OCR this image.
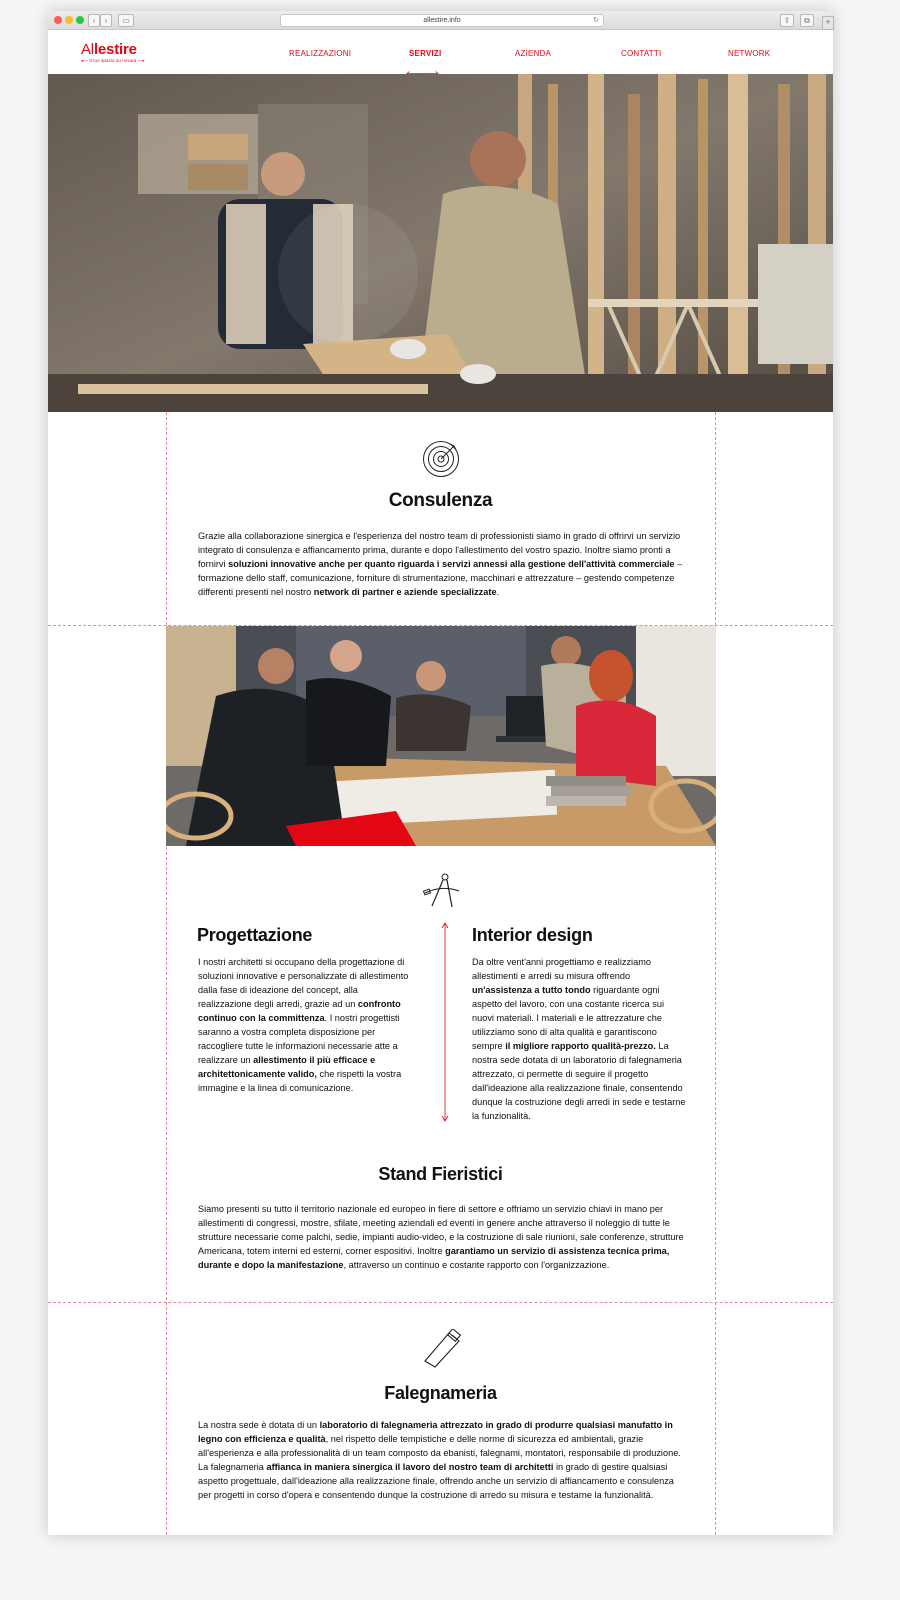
‹	›	▭	allestire.info	↻	⇪	⧉
Allestire
◂— Il tuo spazio su misura —▸
REALIZZAZIONI	SERVIZI	AZIENDA	CONTATTI	NETWORK
Consulenza

Grazie alla collaborazione sinergica e l'esperienza del nostro team di professionisti siamo in grado di offrirvi un servizio integrato di consulenza e affiancamento prima, durante e dopo l'allestimento del vostro spazio. Inoltre siamo pronti a fornirvi soluzioni innovative anche per quanto riguarda i servizi annessi alla gestione dell'attività commerciale – formazione dello staff, comunicazione, forniture di strumentazione, macchinari e attrezzature – gestendo competenze differenti presenti nel nostro network di partner e aziende specializzate.

Progettazione

I nostri architetti si occupano della progettazione di soluzioni innovative e personalizzate di allestimento dalla fase di ideazione del concept, alla realizzazione degli arredi, grazie ad un confronto continuo con la committenza. I nostri progettisti saranno a vostra completa disposizione per raccogliere tutte le informazioni necessarie atte a realizzare un allestimento il più efficace e architettonicamente valido, che rispetti la vostra immagine e la linea di comunicazione.

Interior design

Da oltre vent'anni progettiamo e realizziamo allestimenti e arredi su misura offrendo un'assistenza a tutto tondo riguardante ogni aspetto del lavoro, con una costante ricerca sui nuovi materiali. I materiali e le attrezzature che utilizziamo sono di alta qualità e garantiscono sempre il migliore rapporto qualità-prezzo. La nostra sede dotata di un laboratorio di falegnameria attrezzato, ci permette di seguire il progetto dall'ideazione alla realizzazione finale, consentendo dunque la costruzione degli arredi in sede e testarne la funzionalità.

Stand Fieristici

Siamo presenti su tutto il territorio nazionale ed europeo in fiere di settore e offriamo un servizio chiavi in mano per allestimenti di congressi, mostre, sfilate, meeting aziendali ed eventi in genere anche attraverso il noleggio di tutte le strutture necessarie come palchi, sedie, impianti audio-video, e la costruzione di sale riunioni, sale conferenze, strutture Americana, totem interni ed esterni, corner espositivi. Inoltre garantiamo un servizio di assistenza tecnica prima, durante e dopo la manifestazione, attraverso un continuo e costante rapporto con l'organizzazione.

Falegnameria

La nostra sede è dotata di un laboratorio di falegnameria attrezzato in grado di produrre qualsiasi manufatto in legno con efficienza e qualità, nel rispetto delle tempistiche e delle norme di sicurezza ed ambientali, grazie all'esperienza e alla professionalità di un team composto da ebanisti, falegnami, montatori, responsabile di produzione. La falegnameria affianca in maniera sinergica il lavoro del nostro team di architetti in grado di gestire qualsiasi aspetto progettuale, dall'ideazione alla realizzazione finale, offrendo anche un servizio di affiancamento e consulenza per progetti in corso d'opera e consentendo dunque la costruzione di arredo su misura e testarne la funzionalità.

+
